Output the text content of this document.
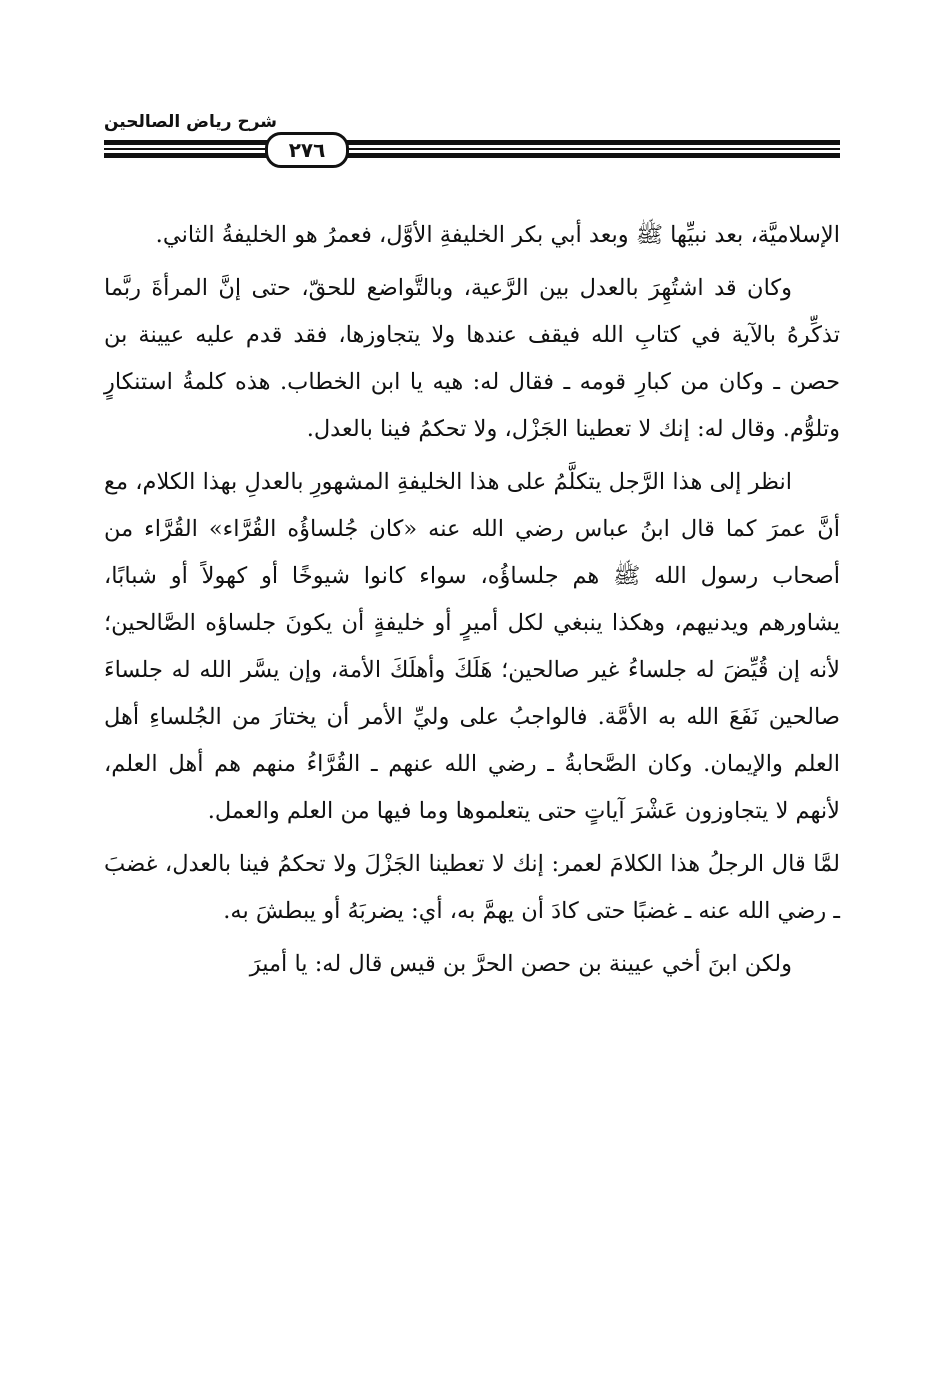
شرح رياض الصالحين
٢٧٦

الإسلاميَّة، بعد نبيِّها ﷺ وبعد أبي بكر الخليفةِ الأوَّل، فعمرُ هو الخليفةُ الثاني.

وكان قد اشتُهِرَ بالعدل بين الرَّعية، وبالتَّواضع للحقّ، حتى إنَّ المرأةَ ربَّما تذكِّرهُ بالآية في كتابِ الله فيقف عندها ولا يتجاوزها، فقد قدم عليه عيينة بن حصن ـ وكان من كبارِ قومه ـ فقال له: هيه يا ابن الخطاب. هذه كلمةُ استنكارٍ وتلوُّم. وقال له: إنك لا تعطينا الجَزْل، ولا تحكمُ فينا بالعدل.

انظر إلى هذا الرَّجل يتكلَّمُ على هذا الخليفةِ المشهورِ بالعدلِ بهذا الكلام، مع أنَّ عمرَ كما قال ابنُ عباس رضي الله عنه «كان جُلساؤُه القُرَّاء» القُرَّاء من أصحاب رسول الله ﷺ هم جلساؤُه، سواء كانوا شيوخًا أو كهولاً أو شبابًا، يشاورهم ويدنيهم، وهكذا ينبغي لكل أميرٍ أو خليفةٍ أن يكونَ جلساؤه الصَّالحين؛ لأنه إن قُيِّضَ له جلساءُ غير صالحين؛ هَلَكَ وأهلَكَ الأمة، وإن يسَّر الله له جلساءَ صالحين نَفَعَ الله به الأمَّة. فالواجبُ على وليِّ الأمر أن يختارَ من الجُلساءِ أهل العلم والإيمان. وكان الصَّحابةُ ـ رضي الله عنهم ـ القُرَّاءُ منهم هم أهل العلم، لأنهم لا يتجاوزون عَشْرَ آياتٍ حتى يتعلموها وما فيها من العلم والعمل.

لمَّا قال الرجلُ هذا الكلامَ لعمر: إنك لا تعطينا الجَزْلَ ولا تحكمُ فينا بالعدل، غضبَ ـ رضي الله عنه ـ غضبًا حتى كادَ أن يهمَّ به، أي: يضربَهُ أو يبطشَ به.

ولكن ابنَ أخي عيينة بن حصن الحرَّ بن قيس قال له: يا أميرَ
